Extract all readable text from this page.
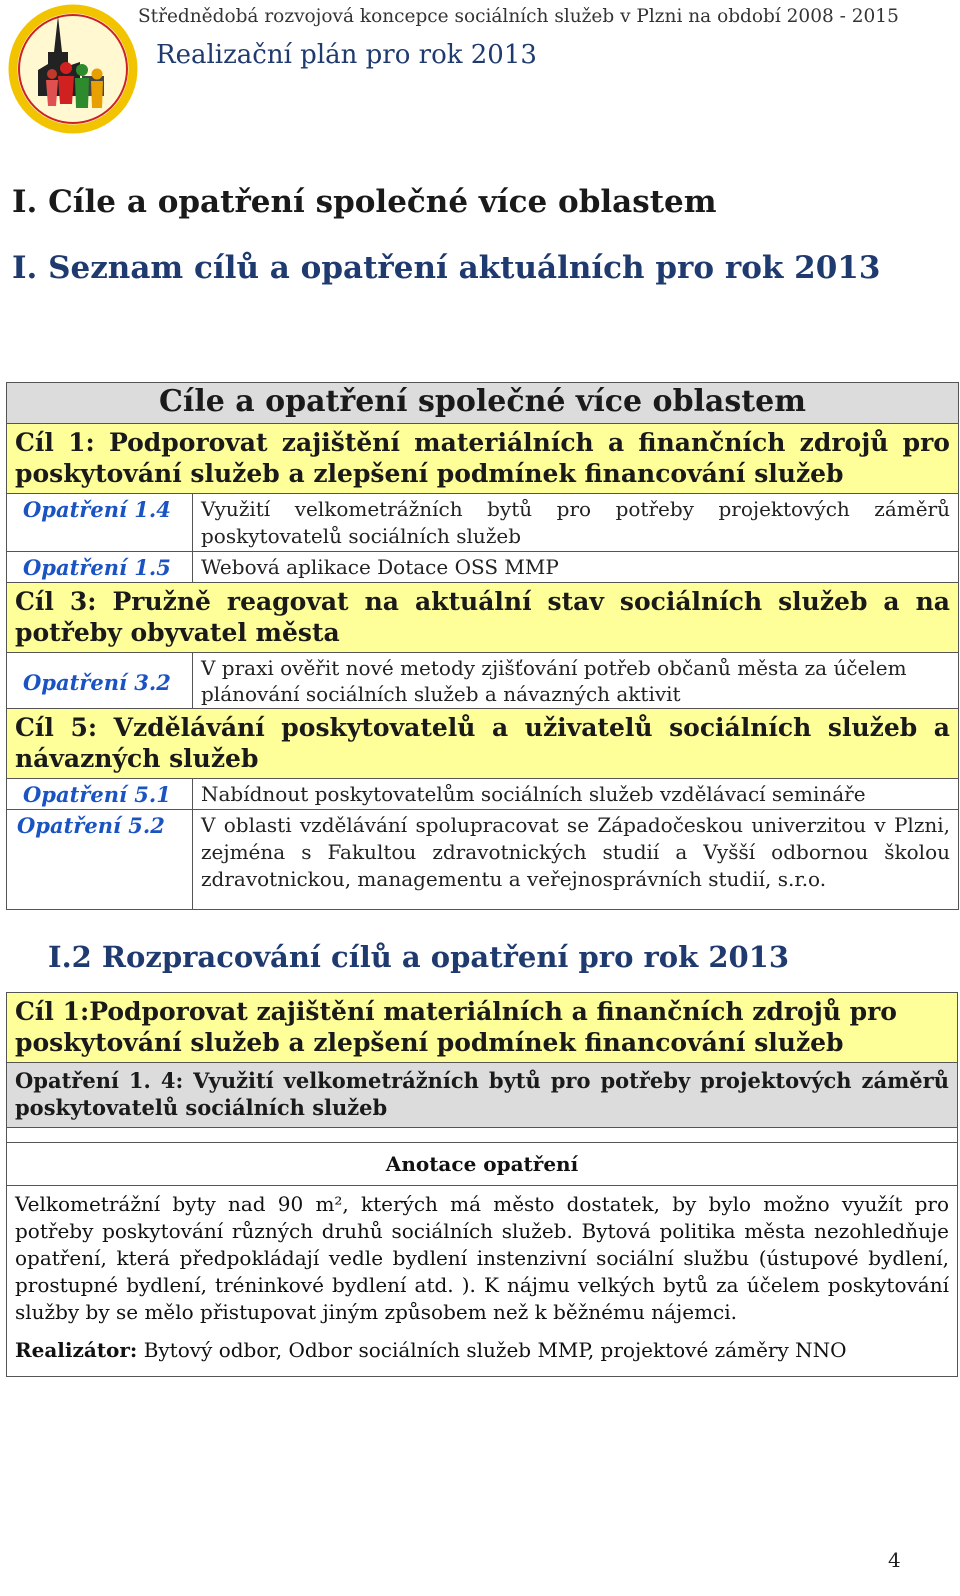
Střednědobá rozvojová koncepce sociálních služeb v Plzni na období 2008 - 2015
Realizační plán pro rok 2013
I. Cíle a opatření společné více oblastem
I. Seznam cílů a opatření aktuálních pro rok 2013
Cíle a opatření společné více oblastem	
Cíl 1: Podporovat zajištění materiálních a finančních zdrojů pro poskytování služeb a zlepšení podmínek financování služeb	
Opatření 1.4	Využití velkometrážních bytů pro potřeby projektových záměrů poskytovatelů sociálních služeb
Opatření 1.5	Webová aplikace Dotace OSS MMP
Cíl 3: Pružně reagovat na aktuální stav sociálních služeb a na potřeby obyvatel města	
Opatření 3.2	V praxi ověřit nové metody zjišťování potřeb občanů města za účelem plánování sociálních služeb a návazných aktivit
Cíl 5: Vzdělávání poskytovatelů a uživatelů sociálních služeb a návazných služeb	
Opatření 5.1	Nabídnout poskytovatelům sociálních služeb vzdělávací semináře
Opatření 5.2	V oblasti vzdělávání spolupracovat se Západočeskou univerzitou v Plzni, zejména s Fakultou zdravotnických studií a Vyšší odbornou školou zdravotnickou, managementu a veřejnosprávních studií, s.r.o.
I.2 Rozpracování cílů a opatření pro rok 2013
Cíl 1:Podporovat zajištění materiálních a finančních zdrojů pro poskytování služeb a zlepšení podmínek financování služeb
Opatření 1. 4: Využití velkometrážních bytů pro potřeby projektových záměrů poskytovatelů sociálních služeb

Anotace opatření
Velkometrážní byty nad 90 m², kterých má město dostatek, by bylo možno využít pro potřeby poskytování různých druhů sociálních služeb. Bytová politika města nezohledňuje opatření, která předpokládají vedle bydlení instenzivní sociální službu (ústupové bydlení, prostupné bydlení, tréninkové bydlení atd. ). K nájmu velkých bytů za účelem poskytování služby by se mělo přistupovat jiným způsobem než k běžnému nájemci.
Realizátor: Bytový odbor, Odbor sociálních služeb MMP, projektové záměry NNO
4
